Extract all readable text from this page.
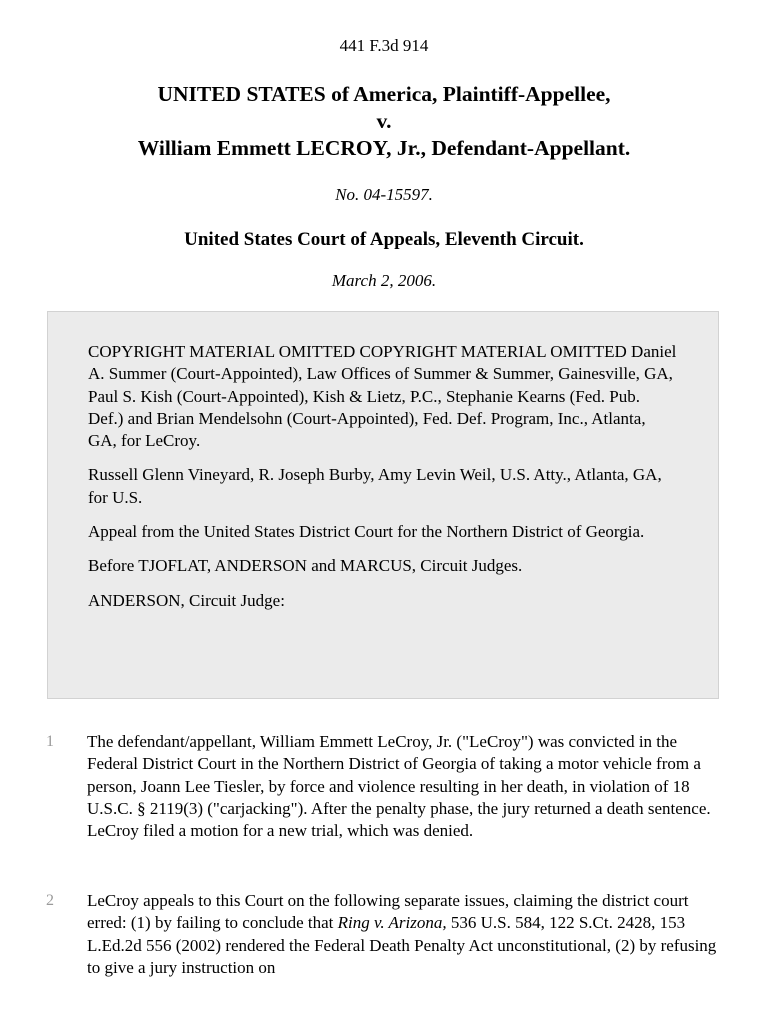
441 F.3d 914
UNITED STATES of America, Plaintiff-Appellee,
v.
William Emmett LECROY, Jr., Defendant-Appellant.
No. 04-15597.
United States Court of Appeals, Eleventh Circuit.
March 2, 2006.

COPYRIGHT MATERIAL OMITTED COPYRIGHT MATERIAL OMITTED Daniel A. Summer (Court-Appointed), Law Offices of Summer & Summer, Gainesville, GA, Paul S. Kish (Court-Appointed), Kish & Lietz, P.C., Stephanie Kearns (Fed. Pub. Def.) and Brian Mendelsohn (Court-Appointed), Fed. Def. Program, Inc., Atlanta, GA, for LeCroy.

Russell Glenn Vineyard, R. Joseph Burby, Amy Levin Weil, U.S. Atty., Atlanta, GA, for U.S.

Appeal from the United States District Court for the Northern District of Georgia.

Before TJOFLAT, ANDERSON and MARCUS, Circuit Judges.

ANDERSON, Circuit Judge:

1 The defendant/appellant, William Emmett LeCroy, Jr. ("LeCroy") was convicted in the Federal District Court in the Northern District of Georgia of taking a motor vehicle from a person, Joann Lee Tiesler, by force and violence resulting in her death, in violation of 18 U.S.C. § 2119(3) ("carjacking"). After the penalty phase, the jury returned a death sentence. LeCroy filed a motion for a new trial, which was denied.
2 LeCroy appeals to this Court on the following separate issues, claiming the district court erred: (1) by failing to conclude that Ring v. Arizona, 536 U.S. 584, 122 S.Ct. 2428, 153 L.Ed.2d 556 (2002) rendered the Federal Death Penalty Act unconstitutional, (2) by refusing to give a jury instruction on
